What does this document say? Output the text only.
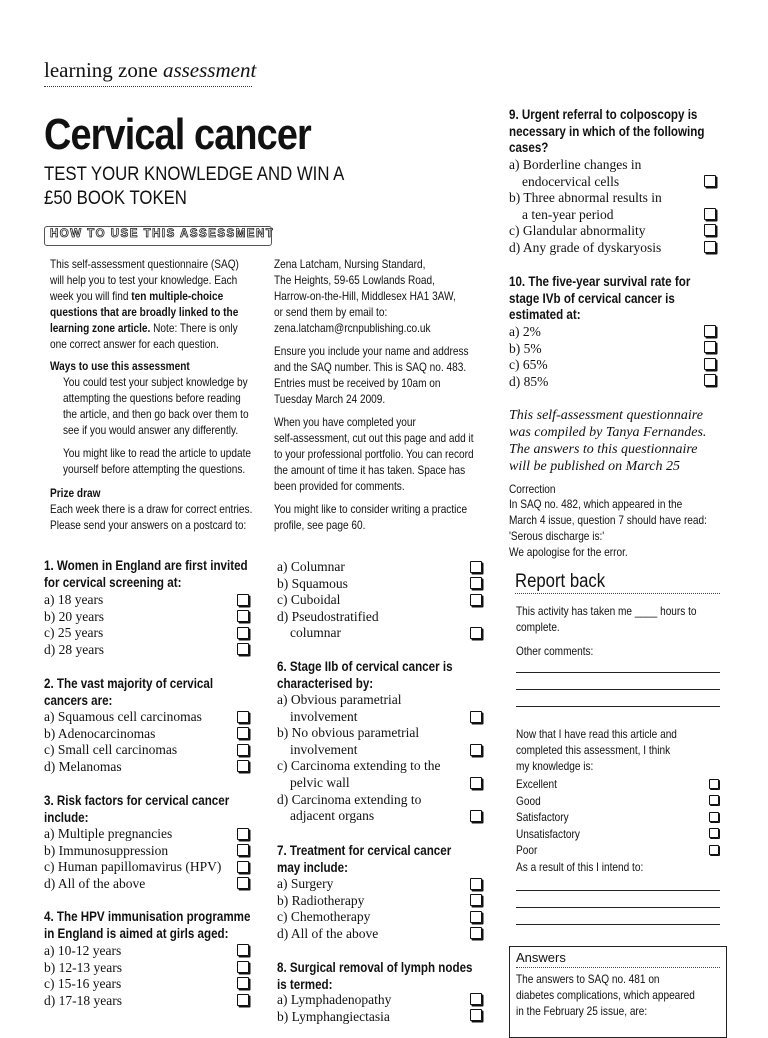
learning zone assessment
Cervical cancer
TEST YOUR KNOWLEDGE AND WIN A
£50 BOOK TOKEN
HOW TO USE THIS ASSESSMENT
This self-assessment questionnaire (SAQ)
will help you to test your knowledge. Each
week you will find ten multiple-choice
questions that are broadly linked to the
learning zone article. Note: There is only
one correct answer for each question.
Ways to use this assessment
You could test your subject knowledge by
attempting the questions before reading
the article, and then go back over them to
see if you would answer any differently.
You might like to read the article to update
yourself before attempting the questions.
Prize draw
Each week there is a draw for correct entries.
Please send your answers on a postcard to:
Zena Latcham, Nursing Standard,
The Heights, 59-65 Lowlands Road,
Harrow-on-the-Hill, Middlesex HA1 3AW,
or send them by email to:
zena.latcham@rcnpublishing.co.uk
Ensure you include your name and address
and the SAQ number. This is SAQ no. 483.
Entries must be received by 10am on
Tuesday March 24 2009.
When you have completed your
self-assessment, cut out this page and add it
to your professional portfolio. You can record
the amount of time it has taken. Space has
been provided for comments.
You might like to consider writing a practice
profile, see page 60.
1. Women in England are first invited
for cervical screening at:
a) 18 years
b) 20 years
c) 25 years
d) 28 years
2. The vast majority of cervical
cancers are:
a) Squamous cell carcinomas
b) Adenocarcinomas
c) Small cell carcinomas
d) Melanomas
3. Risk factors for cervical cancer
include:
a) Multiple pregnancies
b) Immunosuppression
c) Human papillomavirus (HPV)
d) All of the above
4. The HPV immunisation programme
in England is aimed at girls aged:
a) 10-12 years
b) 12-13 years
c) 15-16 years
d) 17-18 years
a) Columnar
b) Squamous
c) Cuboidal
d) Pseudostratified
columnar
6. Stage IIb of cervical cancer is
characterised by:
a) Obvious parametrial
involvement
b) No obvious parametrial
involvement
c) Carcinoma extending to the
pelvic wall
d) Carcinoma extending to
adjacent organs
7. Treatment for cervical cancer
may include:
a) Surgery
b) Radiotherapy
c) Chemotherapy
d) All of the above
8. Surgical removal of lymph nodes
is termed:
a) Lymphadenopathy
b) Lymphangiectasia
9. Urgent referral to colposcopy is
necessary in which of the following
cases?
a) Borderline changes in
endocervical cells
b) Three abnormal results in
a ten-year period
c) Glandular abnormality
d) Any grade of dyskaryosis
10. The five-year survival rate for
stage IVb of cervical cancer is
estimated at:
a) 2%
b) 5%
c) 65%
d) 85%
This self-assessment questionnaire
was compiled by Tanya Fernandes.
The answers to this questionnaire
will be published on March 25
Correction
In SAQ no. 482, which appeared in the
March 4 issue, question 7 should have read:
'Serous discharge is:'
We apologise for the error.
Report back
This activity has taken me ____ hours to
complete.
Other comments:
Now that I have read this article and
completed this assessment, I think
my knowledge is:
Excellent
Good
Satisfactory
Unsatisfactory
Poor
As a result of this I intend to:
Answers
The answers to SAQ no. 481 on
diabetes complications, which appeared
in the February 25 issue, are:
